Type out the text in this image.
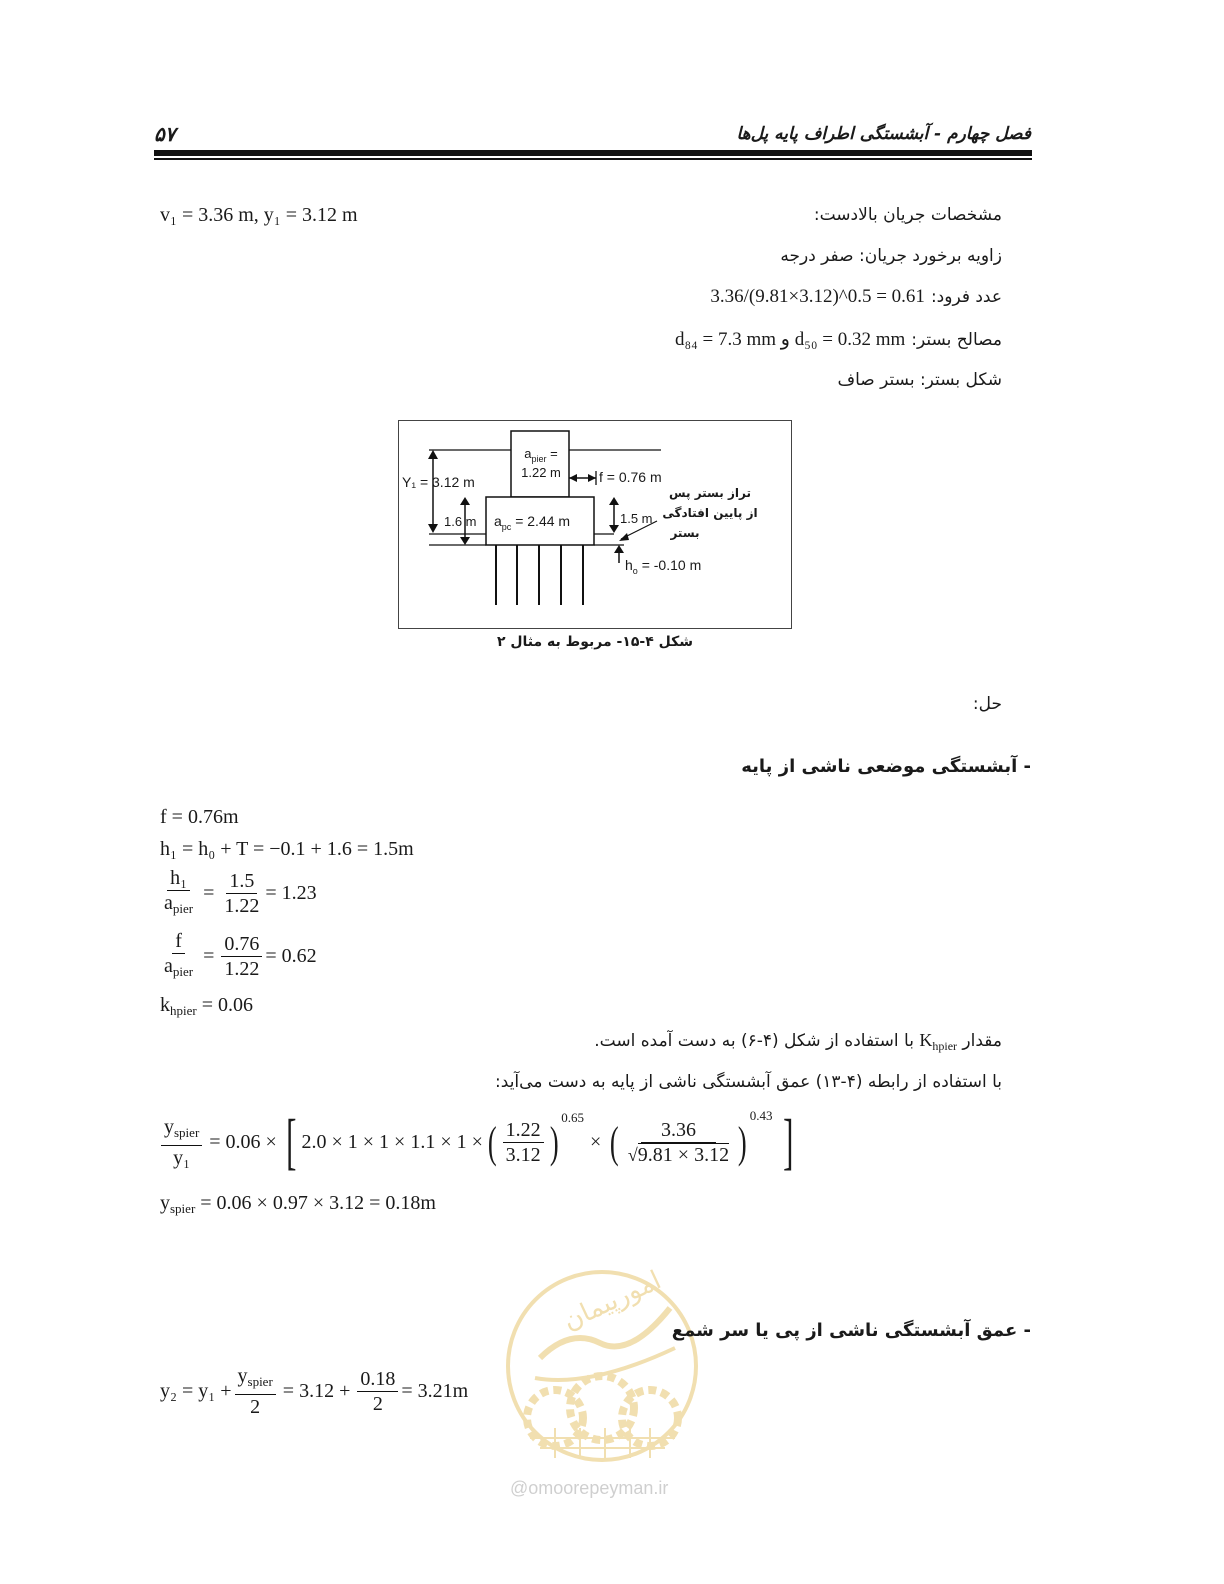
۵۷	فصل چهارم - آبشستگی اطراف پایه پل‌ها
مشخصات جریان بالادست:
v₁ = 3.36 m, y₁ = 3.12 m
زاویه برخورد جریان: صفر درجه
عدد فرود:
3.36/(9.81×3.12)^0.5 = 0.61
مصالح بستر:
d₅₀ = 0.32 mm و d₈₄ = 7.3 mm
شکل بستر: بستر صاف
$a_{pier}$ =
1.22 m	f = 0.76 m
Y₁ = 3.12 m
1.6 m $a_{pc} = 2.44$ m	1.5 m
$h_o = -0.10$ m
تراز بستر پس
از پایین افتادگی
بستر
شکل ۴-۱۵- مربوط به مثال ۲
حل:
- آبشستگی موضعی ناشی از پایه
f = 0.76m
h₁ = h₀ + T = −0.1 + 1.6 = 1.5m
$\frac{\text{h₁}}{a_{pier}} = \frac{1.5}{1.22} = 1.23$
$\frac{f}{a_{pier}} = \frac{0.76}{1.22} = 0.62$
$k_{hpier} = 0.06$
مقدار $K_{hpier}$ با استفاده از شکل (۴-۶) به دست آمده است.
با استفاده از رابطه (۴-۱۳) عمق آبشستگی ناشی از پایه به دست می‌آید:
$\frac{y_{spier}}{\text{y₁}} = 0.06$ × [ 2.0 × 1 × 1 × 1.1 × 1 × ( $\frac{1.22}{3.12}$ ) 0.65
× ( $\frac{3.36}{√9.81 \times 3.12}$ )
0.43 ]
$y_{spier} = 0.06 \times 0.97 \times 3.12 = 0.18m$
امورپیمان
@omoorepeyman.ir
- عمق آبشستگی ناشی از پی یا سر شمع
$y_2 = y_1 + \frac{y_{spier}}{2} = 3.12 + \frac{0.18}{2} = 3.21m$
